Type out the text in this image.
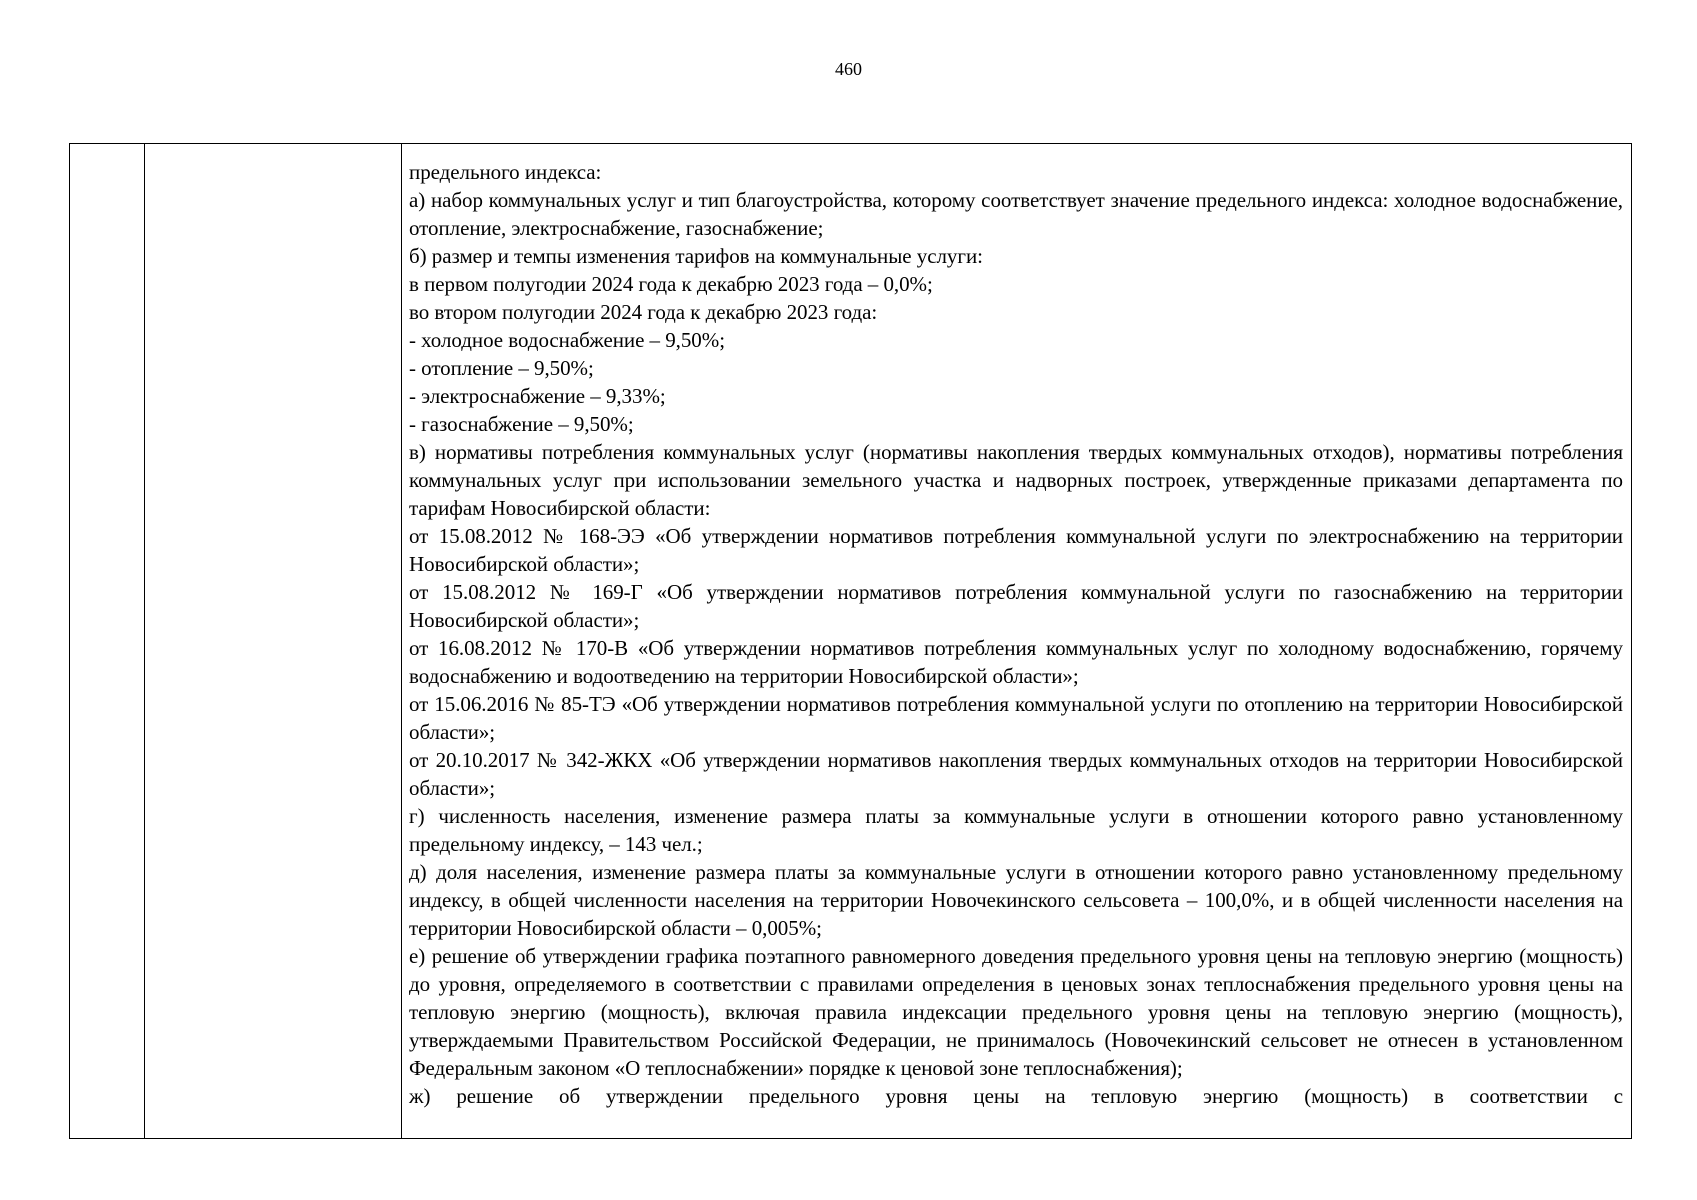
460

предельного индекса:

а) набор коммунальных услуг и тип благоустройства, которому соответствует значение предельного индекса: холодное водоснабжение, отопление, электроснабжение, газоснабжение;

б) размер и темпы изменения тарифов на коммунальные услуги:

в первом полугодии 2024 года к декабрю 2023 года – 0,0%;

во втором полугодии 2024 года к декабрю 2023 года:

- холодное водоснабжение – 9,50%;

- отопление – 9,50%;

- электроснабжение – 9,33%;

- газоснабжение – 9,50%;

в) нормативы потребления коммунальных услуг (нормативы накопления твердых коммунальных отходов), нормативы потребления коммунальных услуг при использовании земельного участка и надворных построек, утвержденные приказами департамента по тарифам Новосибирской области:

от 15.08.2012 № 168-ЭЭ «Об утверждении нормативов потребления коммунальной услуги по электроснабжению на территории Новосибирской области»;

от 15.08.2012 № 169-Г «Об утверждении нормативов потребления коммунальной услуги по газоснабжению на территории Новосибирской области»;

от 16.08.2012 № 170-В «Об утверждении нормативов потребления коммунальных услуг по холодному водоснабжению, горячему водоснабжению и водоотведению на территории Новосибирской области»;

от 15.06.2016 № 85-ТЭ «Об утверждении нормативов потребления коммунальной услуги по отоплению на территории Новосибирской области»;

от 20.10.2017 № 342-ЖКХ «Об утверждении нормативов накопления твердых коммунальных отходов на территории Новосибирской области»;

г) численность населения, изменение размера платы за коммунальные услуги в отношении которого равно установленному предельному индексу, – 143 чел.;

д) доля населения, изменение размера платы за коммунальные услуги в отношении которого равно установленному предельному индексу, в общей численности населения на территории Новочекинского сельсовета – 100,0%, и в общей численности населения на территории Новосибирской области – 0,005%;

е) решение об утверждении графика поэтапного равномерного доведения предельного уровня цены на тепловую энергию (мощность) до уровня, определяемого в соответствии с правилами определения в ценовых зонах теплоснабжения предельного уровня цены на тепловую энергию (мощность), включая правила индексации предельного уровня цены на тепловую энергию (мощность), утверждаемыми Правительством Российской Федерации, не принималось (Новочекинский сельсовет не отнесен в установленном Федеральным законом «О теплоснабжении» порядке к ценовой зоне теплоснабжения);

ж) решение об утверждении предельного уровня цены на тепловую энергию (мощность) в соответствии с
